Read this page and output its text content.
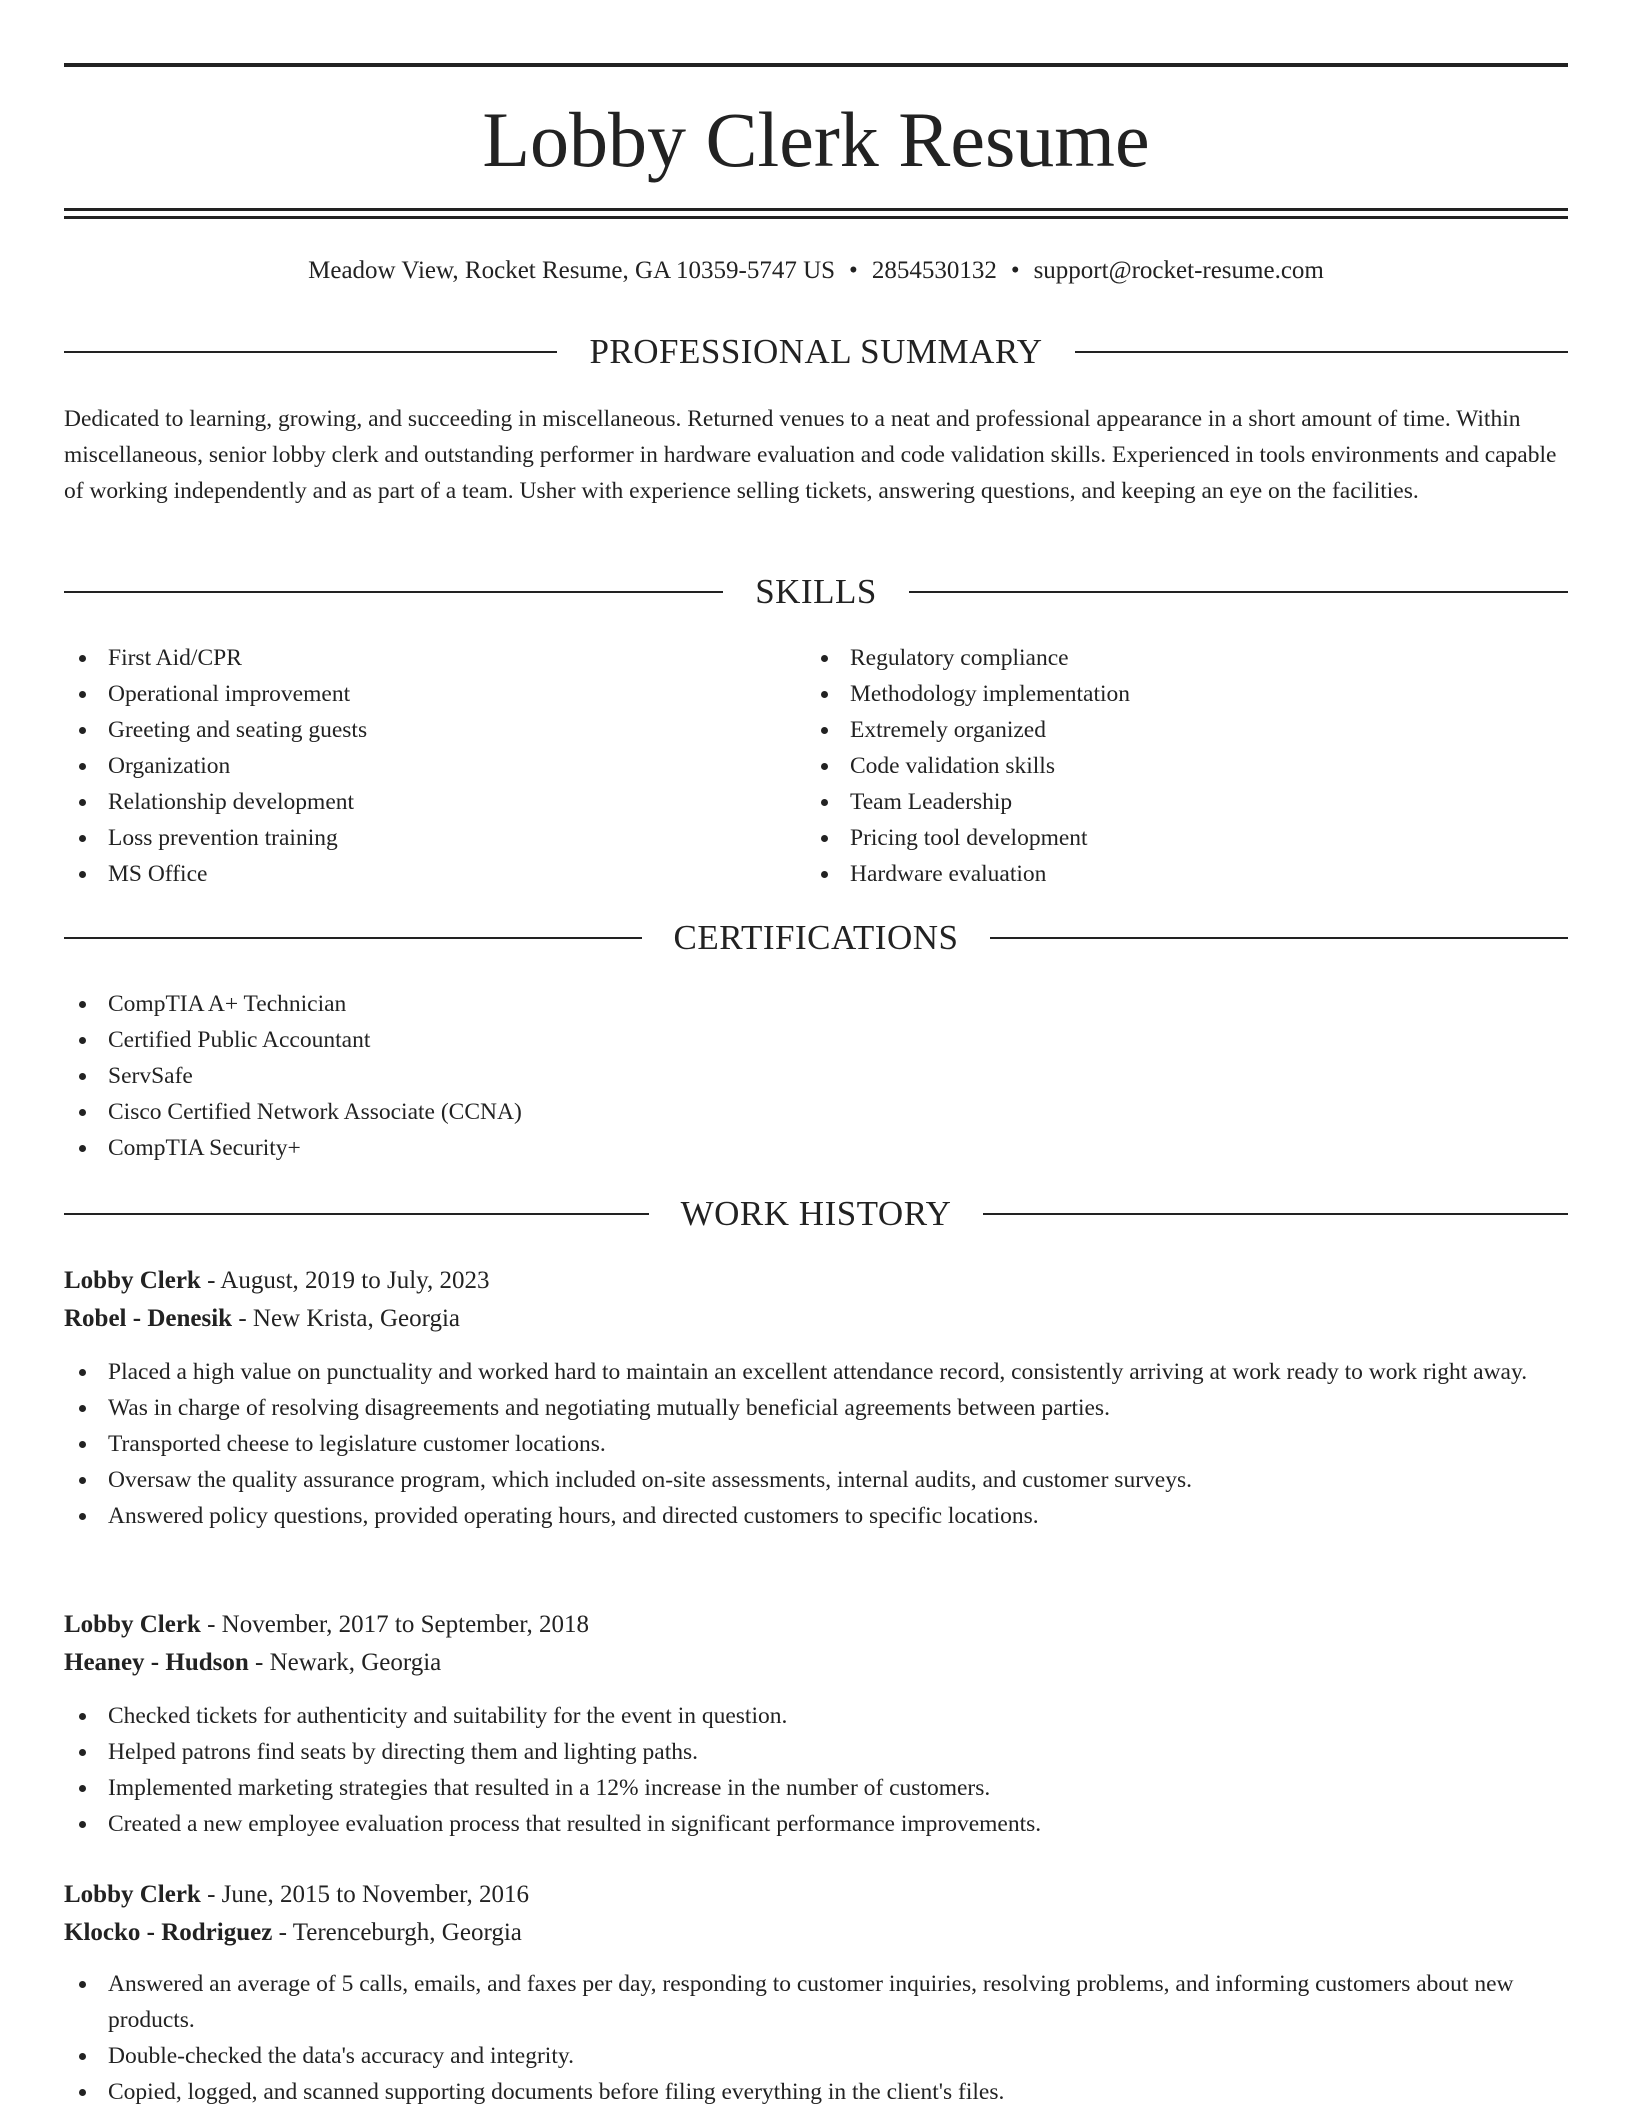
Lobby Clerk Resume
Meadow View, Rocket Resume, GA 10359-5747 US • 2854530132 • support@rocket-resume.com
PROFESSIONAL SUMMARY

Dedicated to learning, growing, and succeeding in miscellaneous. Returned venues to a neat and professional appearance in a short amount of time. Within miscellaneous, senior lobby clerk and outstanding performer in hardware evaluation and code validation skills. Experienced in tools environments and capable of working independently and as part of a team. Usher with experience selling tickets, answering questions, and keeping an eye on the facilities.

SKILLS
First Aid/CPR
Operational improvement
Greeting and seating guests
Organization
Relationship development
Loss prevention training
MS Office
Regulatory compliance
Methodology implementation
Extremely organized
Code validation skills
Team Leadership
Pricing tool development
Hardware evaluation
CERTIFICATIONS
CompTIA A+ Technician
Certified Public Accountant
ServSafe
Cisco Certified Network Associate (CCNA)
CompTIA Security+
WORK HISTORY
Lobby Clerk - August, 2019 to July, 2023
Robel - Denesik - New Krista, Georgia
Placed a high value on punctuality and worked hard to maintain an excellent attendance record, consistently arriving at work ready to work right away.
Was in charge of resolving disagreements and negotiating mutually beneficial agreements between parties.
Transported cheese to legislature customer locations.
Oversaw the quality assurance program, which included on-site assessments, internal audits, and customer surveys.
Answered policy questions, provided operating hours, and directed customers to specific locations.
Lobby Clerk - November, 2017 to September, 2018
Heaney - Hudson - Newark, Georgia
Checked tickets for authenticity and suitability for the event in question.
Helped patrons find seats by directing them and lighting paths.
Implemented marketing strategies that resulted in a 12% increase in the number of customers.
Created a new employee evaluation process that resulted in significant performance improvements.
Lobby Clerk - June, 2015 to November, 2016
Klocko - Rodriguez - Terenceburgh, Georgia
Answered an average of 5 calls, emails, and faxes per day, responding to customer inquiries, resolving problems, and informing customers about new products.
Double-checked the data's accuracy and integrity.
Copied, logged, and scanned supporting documents before filing everything in the client's files.
